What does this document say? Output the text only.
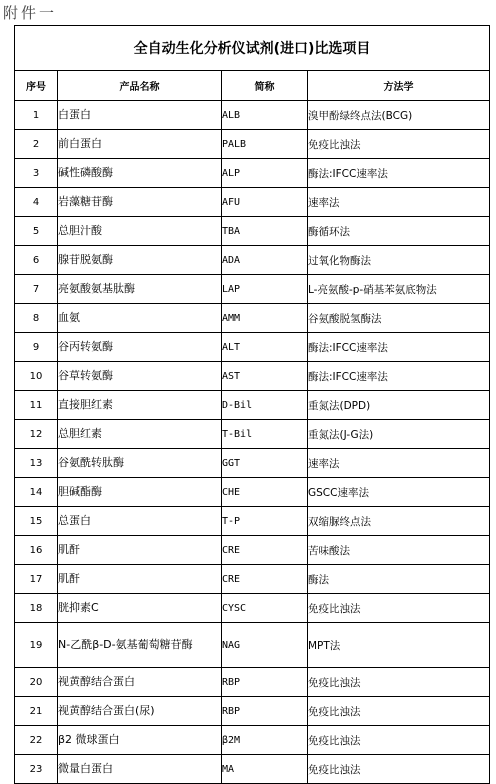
附件一
全自动生化分析仪试剂(进口)比选项目			
序号	产品名称	简称	方法学
1	白蛋白	ALB	溴甲酚绿终点法(BCG)
2	前白蛋白	PALB	免疫比浊法
3	碱性磷酸酶	ALP	酶法:IFCC速率法
4	岩藻糖苷酶	AFU	速率法
5	总胆汁酸	TBA	酶循环法
6	腺苷脱氨酶	ADA	过氧化物酶法
7	亮氨酸氨基肽酶	LAP	L-亮氨酸-p-硝基苯氨底物法
8	血氨	AMM	谷氨酸脱氢酶法
9	谷丙转氨酶	ALT	酶法:IFCC速率法
10	谷草转氨酶	AST	酶法:IFCC速率法
11	直接胆红素	D-Bil	重氮法(DPD)
12	总胆红素	T-Bil	重氮法(J-G法)
13	谷氨酰转肽酶	GGT	速率法
14	胆碱酯酶	CHE	GSCC速率法
15	总蛋白	T-P	双缩脲终点法
16	肌酐	CRE	苦味酸法
17	肌酐	CRE	酶法
18	胱抑素C	CYSC	免疫比浊法
19	N-乙酰β-D-氨基葡萄糖苷酶	NAG	MPT法
20	视黄醇结合蛋白	RBP	免疫比浊法
21	视黄醇结合蛋白(尿)	RBP	免疫比浊法
22	β2 微球蛋白	β2M	免疫比浊法
23	微量白蛋白	MA	免疫比浊法
